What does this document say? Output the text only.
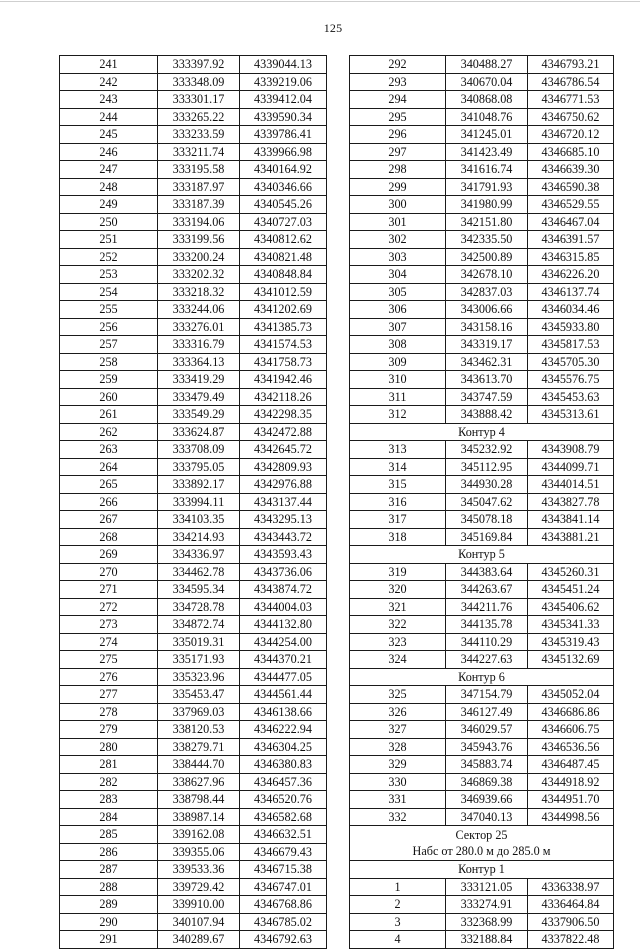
125
241	333397.92	4339044.13
242	333348.09	4339219.06
243	333301.17	4339412.04
244	333265.22	4339590.34
245	333233.59	4339786.41
246	333211.74	4339966.98
247	333195.58	4340164.92
248	333187.97	4340346.66
249	333187.39	4340545.26
250	333194.06	4340727.03
251	333199.56	4340812.62
252	333200.24	4340821.48
253	333202.32	4340848.84
254	333218.32	4341012.59
255	333244.06	4341202.69
256	333276.01	4341385.73
257	333316.79	4341574.53
258	333364.13	4341758.73
259	333419.29	4341942.46
260	333479.49	4342118.26
261	333549.29	4342298.35
262	333624.87	4342472.88
263	333708.09	4342645.72
264	333795.05	4342809.93
265	333892.17	4342976.88
266	333994.11	4343137.44
267	334103.35	4343295.13
268	334214.93	4343443.72
269	334336.97	4343593.43
270	334462.78	4343736.06
271	334595.34	4343874.72
272	334728.78	4344004.03
273	334872.74	4344132.80
274	335019.31	4344254.00
275	335171.93	4344370.21
276	335323.96	4344477.05
277	335453.47	4344561.44
278	337969.03	4346138.66
279	338120.53	4346222.94
280	338279.71	4346304.25
281	338444.70	4346380.83
282	338627.96	4346457.36
283	338798.44	4346520.76
284	338987.14	4346582.68
285	339162.08	4346632.51
286	339355.06	4346679.43
287	339533.36	4346715.38
288	339729.42	4346747.01
289	339910.00	4346768.86
290	340107.94	4346785.02
291	340289.67	4346792.63
292	340488.27	4346793.21
293	340670.04	4346786.54
294	340868.08	4346771.53
295	341048.76	4346750.62
296	341245.01	4346720.12
297	341423.49	4346685.10
298	341616.74	4346639.30
299	341791.93	4346590.38
300	341980.99	4346529.55
301	342151.80	4346467.04
302	342335.50	4346391.57
303	342500.89	4346315.85
304	342678.10	4346226.20
305	342837.03	4346137.74
306	343006.66	4346034.46
307	343158.16	4345933.80
308	343319.17	4345817.53
309	343462.31	4345705.30
310	343613.70	4345576.75
311	343747.59	4345453.63
312	343888.42	4345313.61
Контур 4		
313	345232.92	4343908.79
314	345112.95	4344099.71
315	344930.28	4344014.51
316	345047.62	4343827.78
317	345078.18	4343841.14
318	345169.84	4343881.21
Контур 5		
319	344383.64	4345260.31
320	344263.67	4345451.24
321	344211.76	4345406.62
322	344135.78	4345341.33
323	344110.29	4345319.43
324	344227.63	4345132.69
Контур 6		
325	347154.79	4345052.04
326	346127.49	4346686.86
327	346029.57	4346606.75
328	345943.76	4346536.56
329	345883.74	4346487.45
330	346869.38	4344918.92
331	346939.66	4344951.70
332	347040.13	4344998.56

Сектор 25
Набс от 280.0 м до 285.0 м		

Контур 1		
1	333121.05	4336338.97
2	333274.91	4336464.84
3	332368.99	4337906.50
4	332188.84	4337822.48
